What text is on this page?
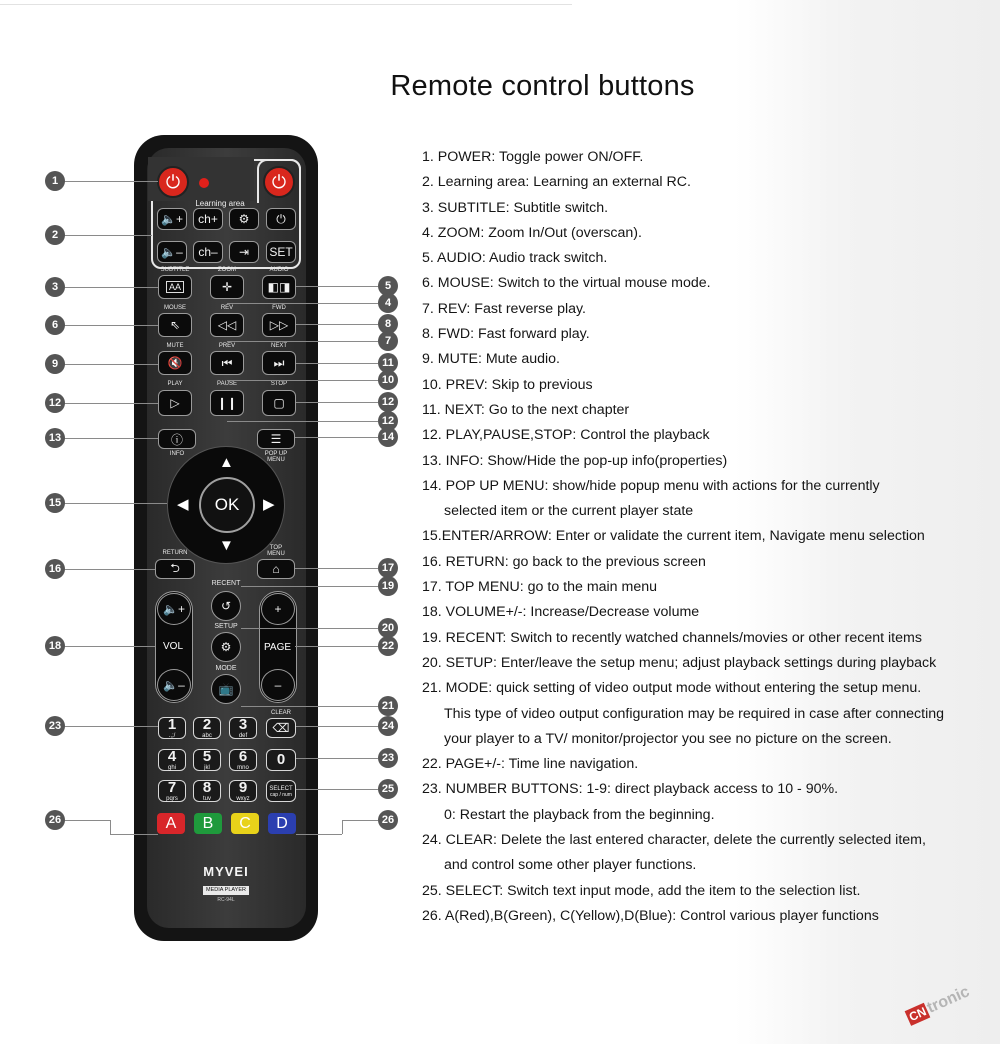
Remote control buttons
1. POWER: Toggle power ON/OFF.
2. Learning area: Learning an external RC.
3. SUBTITLE: Subtitle switch.
4. ZOOM: Zoom In/Out (overscan).
5. AUDIO: Audio track switch.
6. MOUSE: Switch to the virtual mouse mode.
7. REV: Fast reverse play.
8. FWD: Fast forward play.
9. MUTE: Mute audio.
10. PREV: Skip to previous
11. NEXT: Go to the next chapter
12. PLAY,PAUSE,STOP: Control the playback
13. INFO: Show/Hide the pop-up info(properties)
14. POP UP MENU: show/hide popup menu with actions for the currently
selected item or the current player state
15.ENTER/ARROW: Enter or validate the current item, Navigate menu selection
16. RETURN: go back to the previous screen
17. TOP MENU: go to the main menu
18. VOLUME+/-: Increase/Decrease volume
19. RECENT: Switch to recently watched channels/movies or other recent items
20. SETUP: Enter/leave the setup menu; adjust playback settings during playback
21. MODE: quick setting of video output mode without entering the setup menu.
This type of video output configuration may be required in case after connecting
your player to a TV/ monitor/projector you see no picture on the screen.
22. PAGE+/-: Time line navigation.
23. NUMBER BUTTONS: 1-9: direct playback access to 10 - 90%.
0: Restart the playback from the beginning.
24. CLEAR: Delete the last entered character, delete the currently selected item,
and control some other player functions.
25. SELECT: Switch text input mode, add the item to the selection list.
26. A(Red),B(Green), C(Yellow),D(Blue): Control various player functions
Learning area
⏻	⏻
🔈+ ch+ ⚙ ⏻
🔈– ch– ⇥ SET
SUBTITLE	ZOOM	AUDIO
AA	✛	◧◨
MOUSE	REV	FWD
⇖	◁◁	▷▷
MUTE	PREV	NEXT
🔇	⏮	⏭
PLAY	PAUSE	STOP
▷	❙❙	▢
ⓘ
INFO
☰
POP UP
MENU
▲
▼
◀	▶
OK
RETURN
⮌
TOP
MENU
⌂
🔈+
VOL
🔈–
RECENT
↺
SETUP
⚙
MODE
📺
+
PAGE
–
1
.,;/
2
abc
3
def
CLEAR
⌫
4
ghi
5
jkl
6
mno 0
7
pqrs
8
tuv
9
wxyz
SELECT
cap / num
A	B	C	D
MYVEI
MEDIA PLAYER
RC-94L
1
2
3
6
9
12
13
15
16
18
23
26
5
4
8
7
11
10
12
12
14
17
19
20
22
21
24
23
25
26
CN
tronic
